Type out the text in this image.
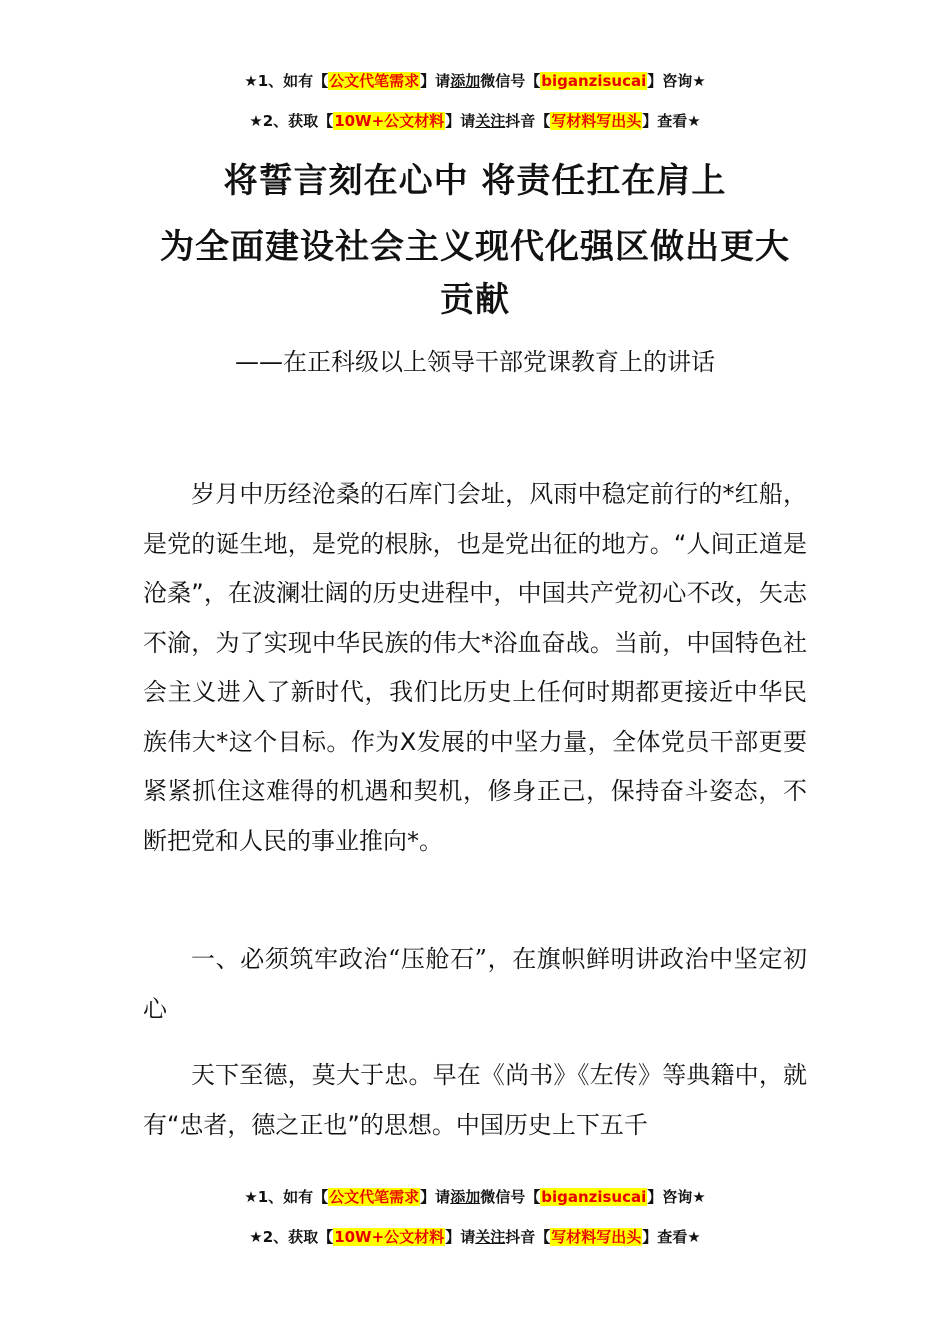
★1、如有【公文代笔需求】请添加微信号【biganzisucai】咨询★
★2、获取【10W+公文材料】请关注抖音【写材料写出头】查看★
将誓言刻在心中 将责任扛在肩上
为全面建设社会主义现代化强区做出更大
贡献
——在正科级以上领导干部党课教育上的讲话

岁月中历经沧桑的石库门会址，风雨中稳定前行的*红船，是党的诞生地，是党的根脉，也是党出征的地方。“人间正道是沧桑”，在波澜壮阔的历史进程中，中国共产党初心不改，矢志不渝，为了实现中华民族的伟大*浴血奋战。当前，中国特色社会主义进入了新时代，我们比历史上任何时期都更接近中华民族伟大*这个目标。作为X发展的中坚力量，全体党员干部更要紧紧抓住这难得的机遇和契机，修身正己，保持奋斗姿态，不断把党和人民的事业推向*。

一、必须筑牢政治“压舱石”，在旗帜鲜明讲政治中坚定初心

天下至德，莫大于忠。早在《尚书》《左传》等典籍中，就有“忠者，德之正也”的思想。中国历史上下五千

★1、如有【公文代笔需求】请添加微信号【biganzisucai】咨询★
★2、获取【10W+公文材料】请关注抖音【写材料写出头】查看★
